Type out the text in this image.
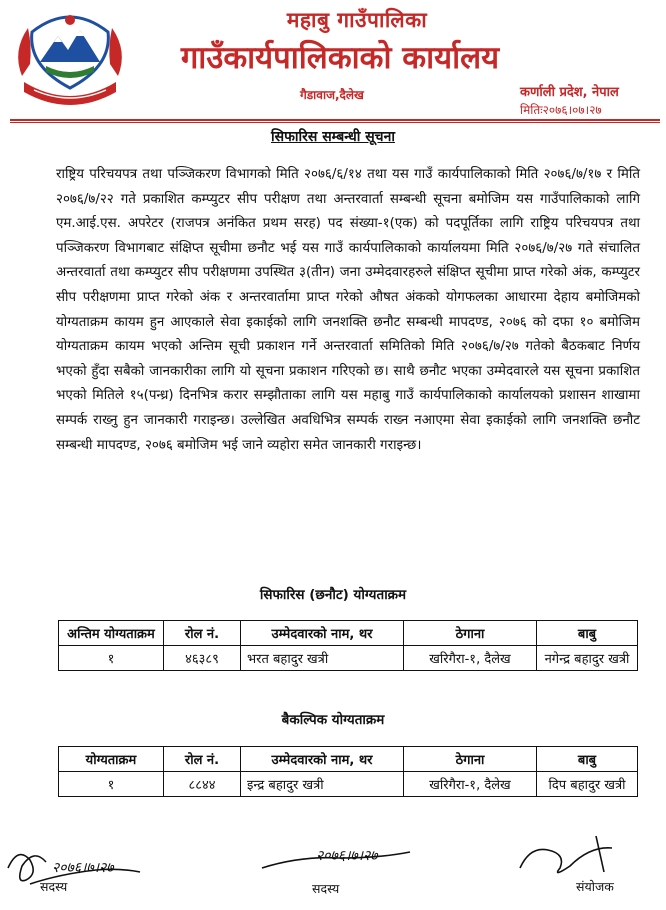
महाबु गाउँपालिका
गाउँकार्यपालिकाको कार्यालय
गैडावाज,दैलेख	कर्णाली प्रदेश, नेपाल
मितिः२०७६।०७।२७
सिफारिस सम्बन्धी सूचना
राष्ट्रिय परिचयपत्र तथा पञ्जिकरण विभागको मिति २०७६/६/१४ तथा यस गाउँ कार्यपालिकाको मिति २०७६/७/१७ र मिति २०७६/७/२२ गते प्रकाशित कम्प्युटर सीप परीक्षण तथा अन्तरवार्ता सम्बन्धी सूचना बमोजिम यस गाउँपालिकाको लागि एम.आई.एस. अपरेटर (राजपत्र अनंकित प्रथम सरह) पद संख्या-१(एक) को पदपूर्तिका लागि राष्ट्रिय परिचयपत्र तथा पञ्जिकरण विभागबाट संक्षिप्त सूचीमा छनौट भई यस गाउँ कार्यपालिकाको कार्यालयमा मिति २०७६/७/२७ गते संचालित अन्तरवार्ता तथा कम्प्युटर सीप परीक्षणमा उपस्थित ३(तीन) जना उम्मेदवारहरुले संक्षिप्त सूचीमा प्राप्त गरेको अंक, कम्प्युटर सीप परीक्षणमा प्राप्त गरेको अंक र अन्तरवार्तामा प्राप्त गरेको औषत अंकको योगफलका आधारमा देहाय बमोजिमको योग्यताक्रम कायम हुन आएकाले सेवा इकाईको लागि जनशक्ति छनौट सम्बन्धी मापदण्ड, २०७६ को दफा १० बमोजिम योग्यताक्रम कायम भएको अन्तिम सूची प्रकाशन गर्ने अन्तरवार्ता समितिको मिति २०७६/७/२७ गतेको बैठकबाट निर्णय भएको हुँदा सबैको जानकारीका लागि यो सूचना प्रकाशन गरिएको छ। साथै छनौट भएका उम्मेदवारले यस सूचना प्रकाशित भएको मितिले १५(पन्ध्र) दिनभित्र करार सम्झौताका लागि यस महाबु गाउँ कार्यपालिकाको कार्यालयको प्रशासन शाखामा सम्पर्क राख्नु हुन जानकारी गराइन्छ। उल्लेखित अवधिभित्र सम्पर्क राख्न नआएमा सेवा इकाईको लागि जनशक्ति छनौट सम्बन्धी मापदण्ड, २०७६ बमोजिम भई जाने व्यहोरा समेत जानकारी गराइन्छ।
सिफारिस (छनौट) योग्यताक्रम
अन्तिम योग्यताक्रम	रोल नं.	उम्मेदवारको नाम, थर	ठेगाना	बाबु
१	४६३८९	भरत बहादुर खत्री	खरिगैरा-१, दैलेख	नगेन्द्र बहादुर खत्री
बैकल्पिक योग्यताक्रम
योग्यताक्रम	रोल नं.	उम्मेदवारको नाम, थर	ठेगाना	बाबु
१	८८४४	इन्द्र बहादुर खत्री	खरिगैरा-१, दैलेख	दिप बहादुर खत्री
२०७६।७।२७
२०७६।७।२७
सदस्य	सदस्य	संयोजक
